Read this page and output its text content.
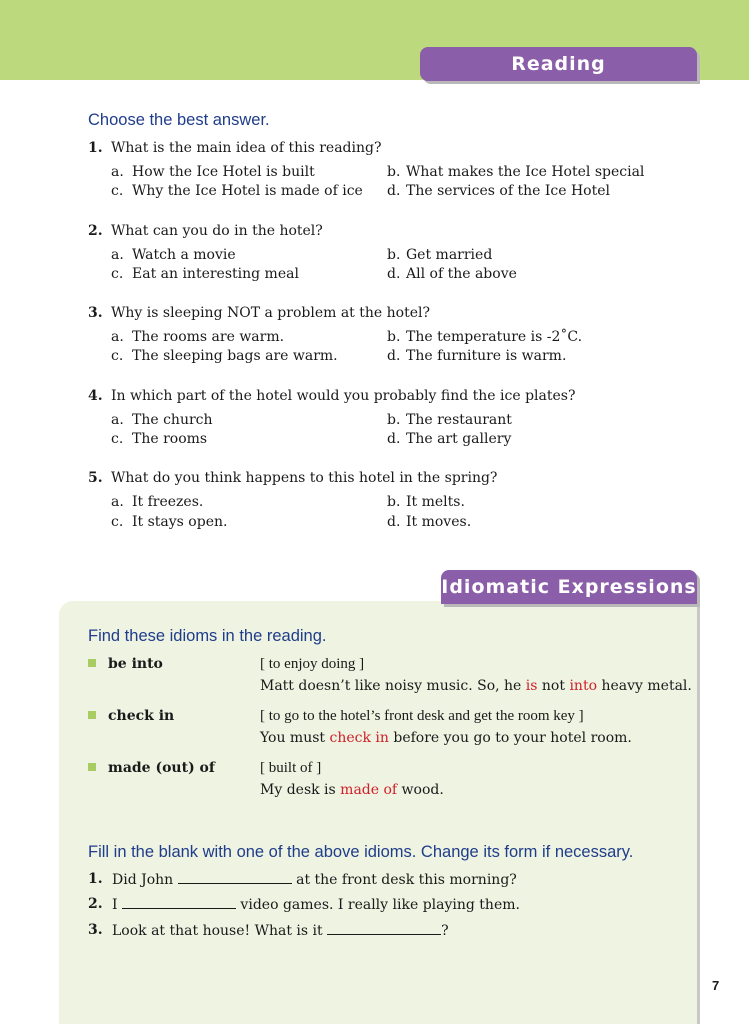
Reading Comprehension
Choose the best answer.
1. What is the main idea of this reading?
a. How the Ice Hotel is built	b. What makes the Ice Hotel special
c. Why the Ice Hotel is made of ice d. The services of the Ice Hotel
2. What can you do in the hotel?
a. Watch a movie	b. Get married
c. Eat an interesting meal	d. All of the above
3. Why is sleeping NOT a problem at the hotel?
a. The rooms are warm.	b. The temperature is -2˚C.
c. The sleeping bags are warm.	d. The furniture is warm.
4. In which part of the hotel would you probably find the ice plates?
a. The church	b. The restaurant
c. The rooms	d. The art gallery
5. What do you think happens to this hotel in the spring?
a. It freezes.	b. It melts.
c. It stays open.	d. It moves.
Idiomatic Expressions
Find these idioms in the reading.
be into	[ to enjoy doing ]
Matt doesn’t like noisy music. So, he is not into heavy metal.
check in	[ to go to the hotel’s front desk and get the room key ]
You must check in before you go to your hotel room.
made (out) of	[ built of ]
My desk is made of wood.
Fill in the blank with one of the above idioms. Change its form if necessary.
1. Did John	at the front desk this morning?
2. I	video games. I really like playing them.
3. Look at that house! What is it	?
7
